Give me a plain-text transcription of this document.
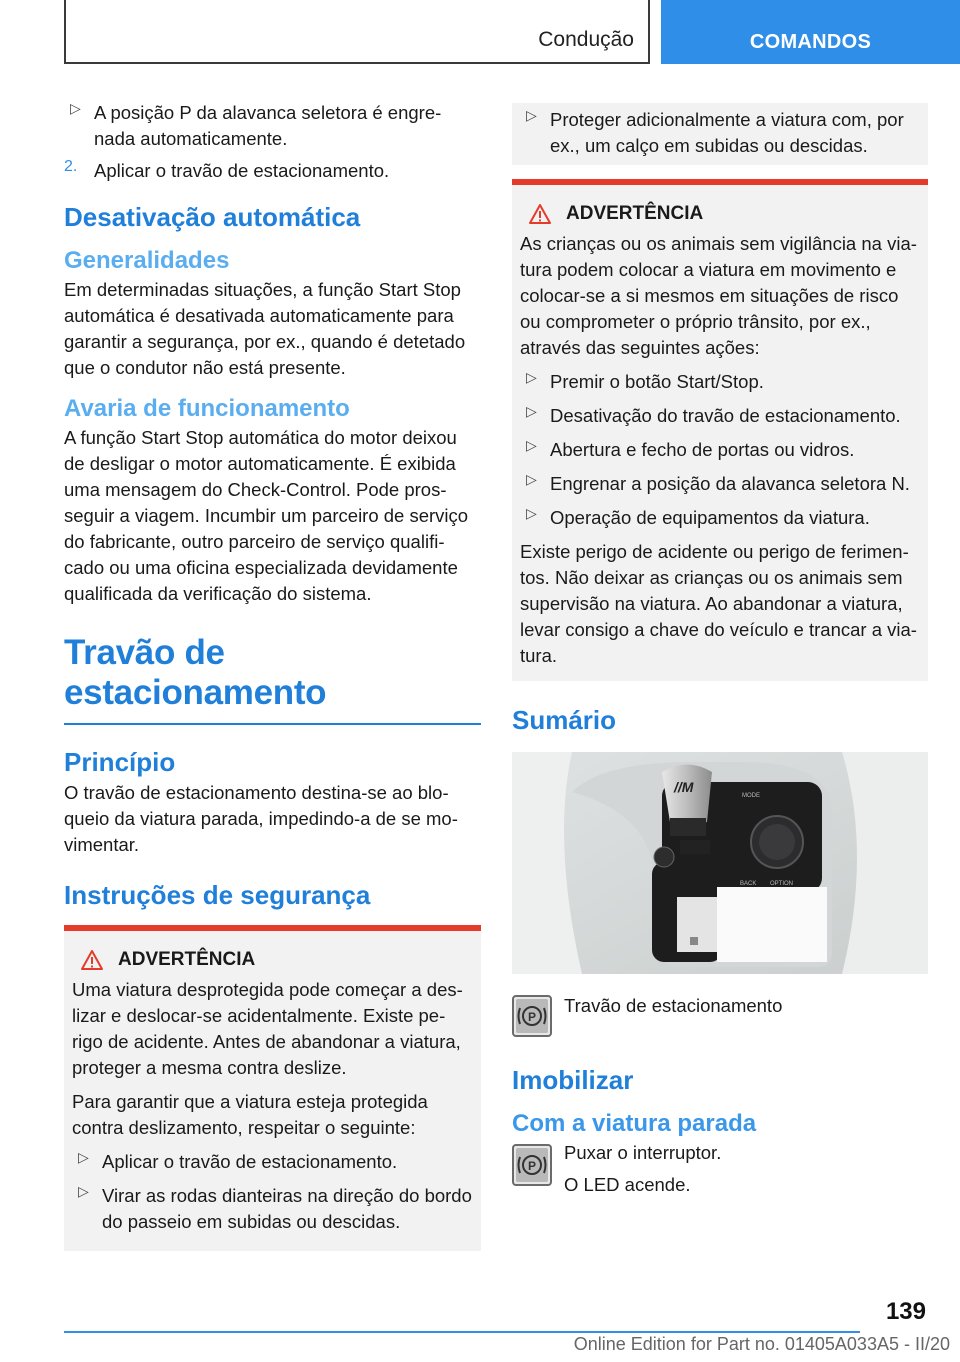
Condução	COMANDOS
▷ A posição P da alavanca seletora é engre-nada automaticamente.

2. Aplicar o travão de estacionamento.

Desativação automática
Generalidades

Em determinadas situações, a função Start Stop automática é desativada automaticamente para garantir a segurança, por ex., quando é detetado que o condutor não está presente.

Avaria de funcionamento

A função Start Stop automática do motor deixou de desligar o motor automaticamente. É exibida uma mensagem do Check-Control. Pode pros-seguir a viagem. Incumbir um parceiro de serviço do fabricante, outro parceiro de serviço qualifi-cado ou uma oficina especializada devidamente qualificada da verificação do sistema.

Travão de estacionamento
Princípio

O travão de estacionamento destina-se ao blo-queio da viatura parada, impedindo-a de se mo-vimentar.

Instruções de segurança
ADVERTÊNCIA

Uma viatura desprotegida pode começar a des-lizar e deslocar-se acidentalmente. Existe pe-rigo de acidente. Antes de abandonar a viatura, proteger a mesma contra deslize.

Para garantir que a viatura esteja protegida contra deslizamento, respeitar o seguinte:

▷ Aplicar o travão de estacionamento.

▷ Virar as rodas dianteiras na direção do bordo do passeio em subidas ou descidas.

▷ Proteger adicionalmente a viatura com, por ex., um calço em subidas ou descidas.

ADVERTÊNCIA

As crianças ou os animais sem vigilância na via-tura podem colocar a viatura em movimento e colocar-se a si mesmos em situações de risco ou comprometer o próprio trânsito, por ex., através das seguintes ações:

▷ Premir o botão Start/Stop.

▷ Desativação do travão de estacionamento.

▷ Abertura e fecho de portas ou vidros.

▷ Engrenar a posição da alavanca seletora N.

▷ Operação de equipamentos da viatura.

Existe perigo de acidente ou perigo de ferimen-tos. Não deixar as crianças ou os animais sem supervisão na viatura. Ao abandonar a viatura, levar consigo a chave do veículo e trancar a via-tura.

Sumário
MODE
BACK OPTION
//M
P

Travão de estacionamento

Imobilizar
Com a viatura parada
P

Puxar o interruptor.

O LED acende.

139
Online Edition for Part no. 01405A033A5 - II/20
